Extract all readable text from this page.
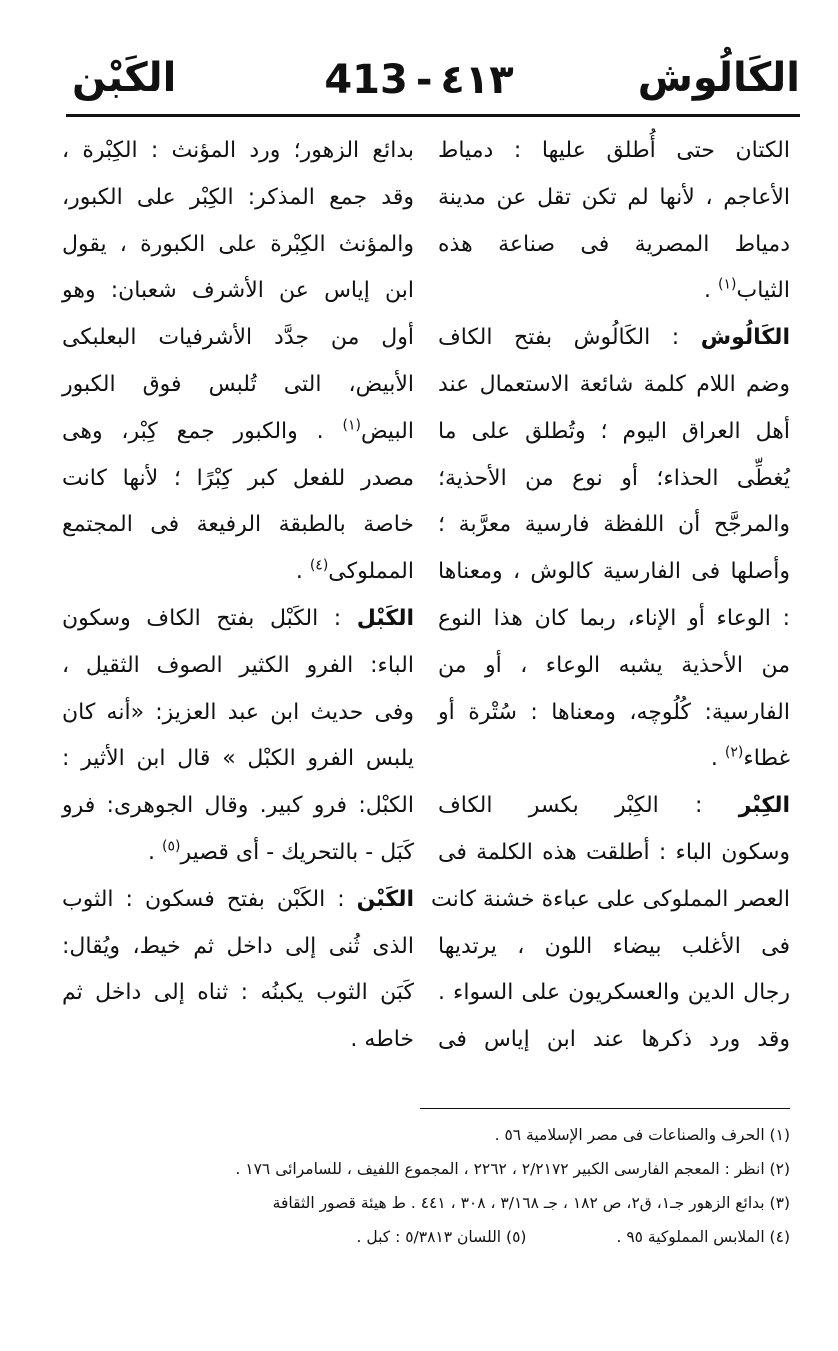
الكَالُوش
413 - ٤١٣
الكَبْن
الكتان حتى أُطلق عليها : دمياط
الأعاجم ، لأنها لم تكن تقل عن مدينة
دمياط المصرية فى صناعة هذه
الثياب$^{(١)}$ .
الكَالُوش : الكَالُوش بفتح الكاف
وضم اللام كلمة شائعة الاستعمال عند
أهل العراق اليوم ؛ وتُطلق على ما
يُغطِّى الحذاء؛ أو نوع من الأحذية؛
والمرجَّح أن اللفظة فارسية معرَّبة ؛
وأصلها فى الفارسية كالوش ، ومعناها
: الوعاء أو الإناء، ربما كان هذا النوع
من الأحذية يشبه الوعاء ، أو من
الفارسية: كُلُوچه، ومعناها : سُتْرة أو
غطاء$^{(٢)}$ .
الكِبْر : الكِبْر بكسر الكاف
وسكون الباء : أطلقت هذه الكلمة فى
العصر المملوكى على عباءة خشنة كانت
فى الأغلب بيضاء اللون ، يرتديها
رجال الدين والعسكريون على السواء .
وقد ورد ذكرها عند ابن إياس فى
بدائع الزهور؛ ورد المؤنث : الكِبْرة ،
وقد جمع المذكر: الكِبْر على الكبور،
والمؤنث الكِبْرة على الكبورة ، يقول
ابن إياس عن الأشرف شعبان: وهو
أول من جدَّد الأشرفيات البعلبكى
الأبيض، التى تُلبس فوق الكبور
البيض$^{(١)}$ . والكبور جمع كِبْر، وهى
مصدر للفعل كبر كِبْرًا ؛ لأنها كانت
خاصة بالطبقة الرفيعة فى المجتمع
المملوكى$^{(٤)}$ .
الكَبْل : الكَبْل بفتح الكاف وسكون
الباء: الفرو الكثير الصوف الثقيل ،
وفى حديث ابن عبد العزيز: «أنه كان
يلبس الفرو الكبْل » قال ابن الأثير :
الكبْل: فرو كبير. وقال الجوهرى: فرو
كَبَل - بالتحريك - أى قصير$^{(٥)}$ .
الكَبْن : الكَبْن بفتح فسكون : الثوب
الذى ثُنى إلى داخل ثم خيط، ويُقال:
كَبَن الثوب يكبنُه : ثناه إلى داخل ثم
خاطه .
(١) الحرف والصناعات فى مصر الإسلامية ٥٦ .
(٢) انظر : المعجم الفارسى الكبير ٢/٢١٧٢ ، ٢٢٦٢ ، المجموع اللفيف ، للسامرائى ١٧٦ .
(٣) بدائع الزهور جـ١، ق٢، ص ١٨٢ ، جـ ٣/١٦٨ ، ٣٠٨ ، ٤٤١ . ط هيئة قصور الثقافة
(٤) الملابس المملوكية ٩٥ .
(٥) اللسان ٥/٣٨١٣ : كبل .
